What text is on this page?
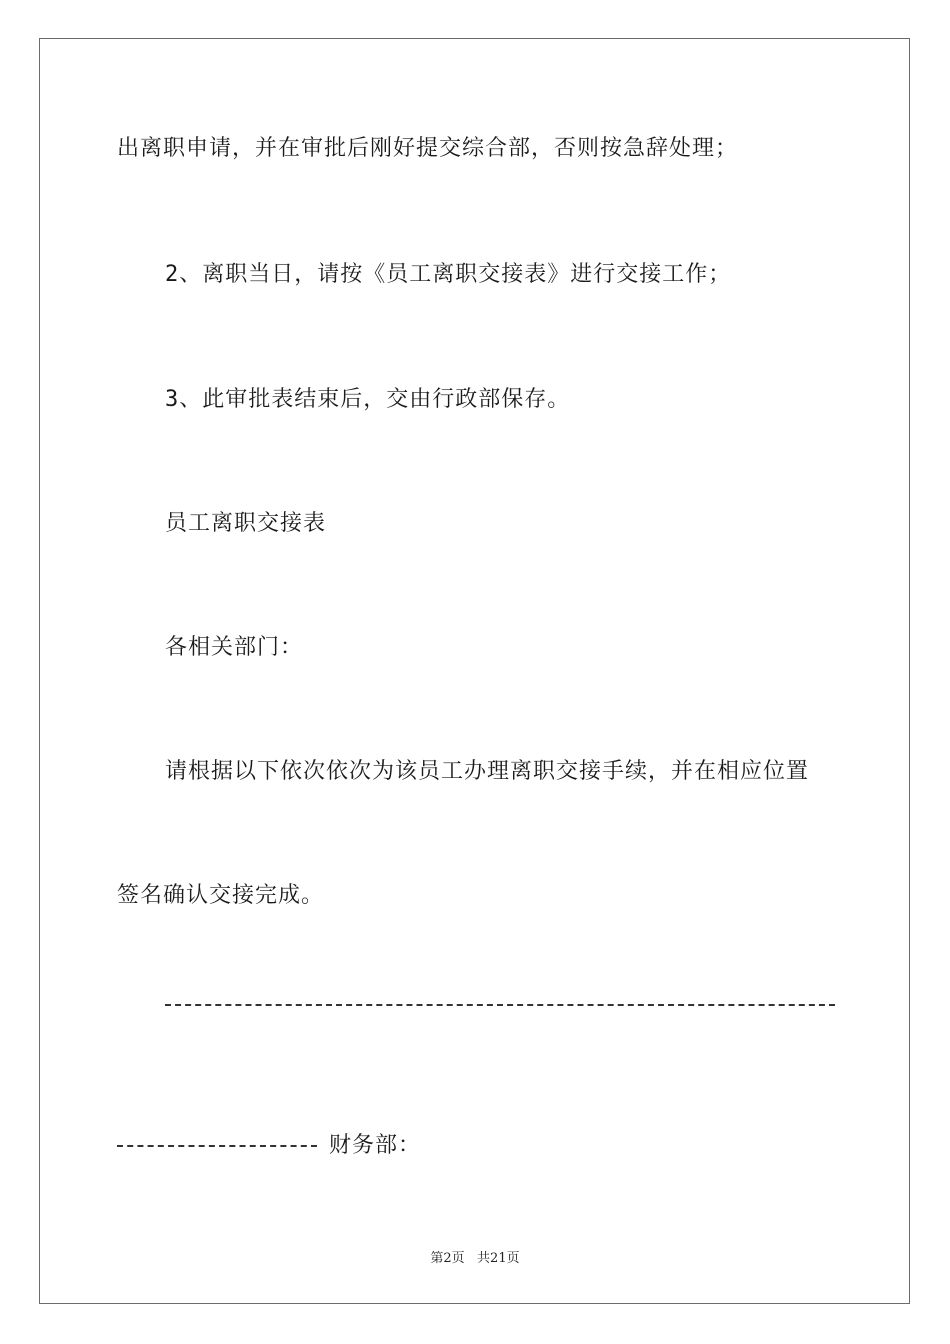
出离职申请，并在审批后刚好提交综合部，否则按急辞处理；
2、离职当日，请按《员工离职交接表》进行交接工作；
3、此审批表结束后，交由行政部保存。
员工离职交接表
各相关部门：
请根据以下依次依次为该员工办理离职交接手续，并在相应位置
签名确认交接完成。
财务部：
第2页   共21页
